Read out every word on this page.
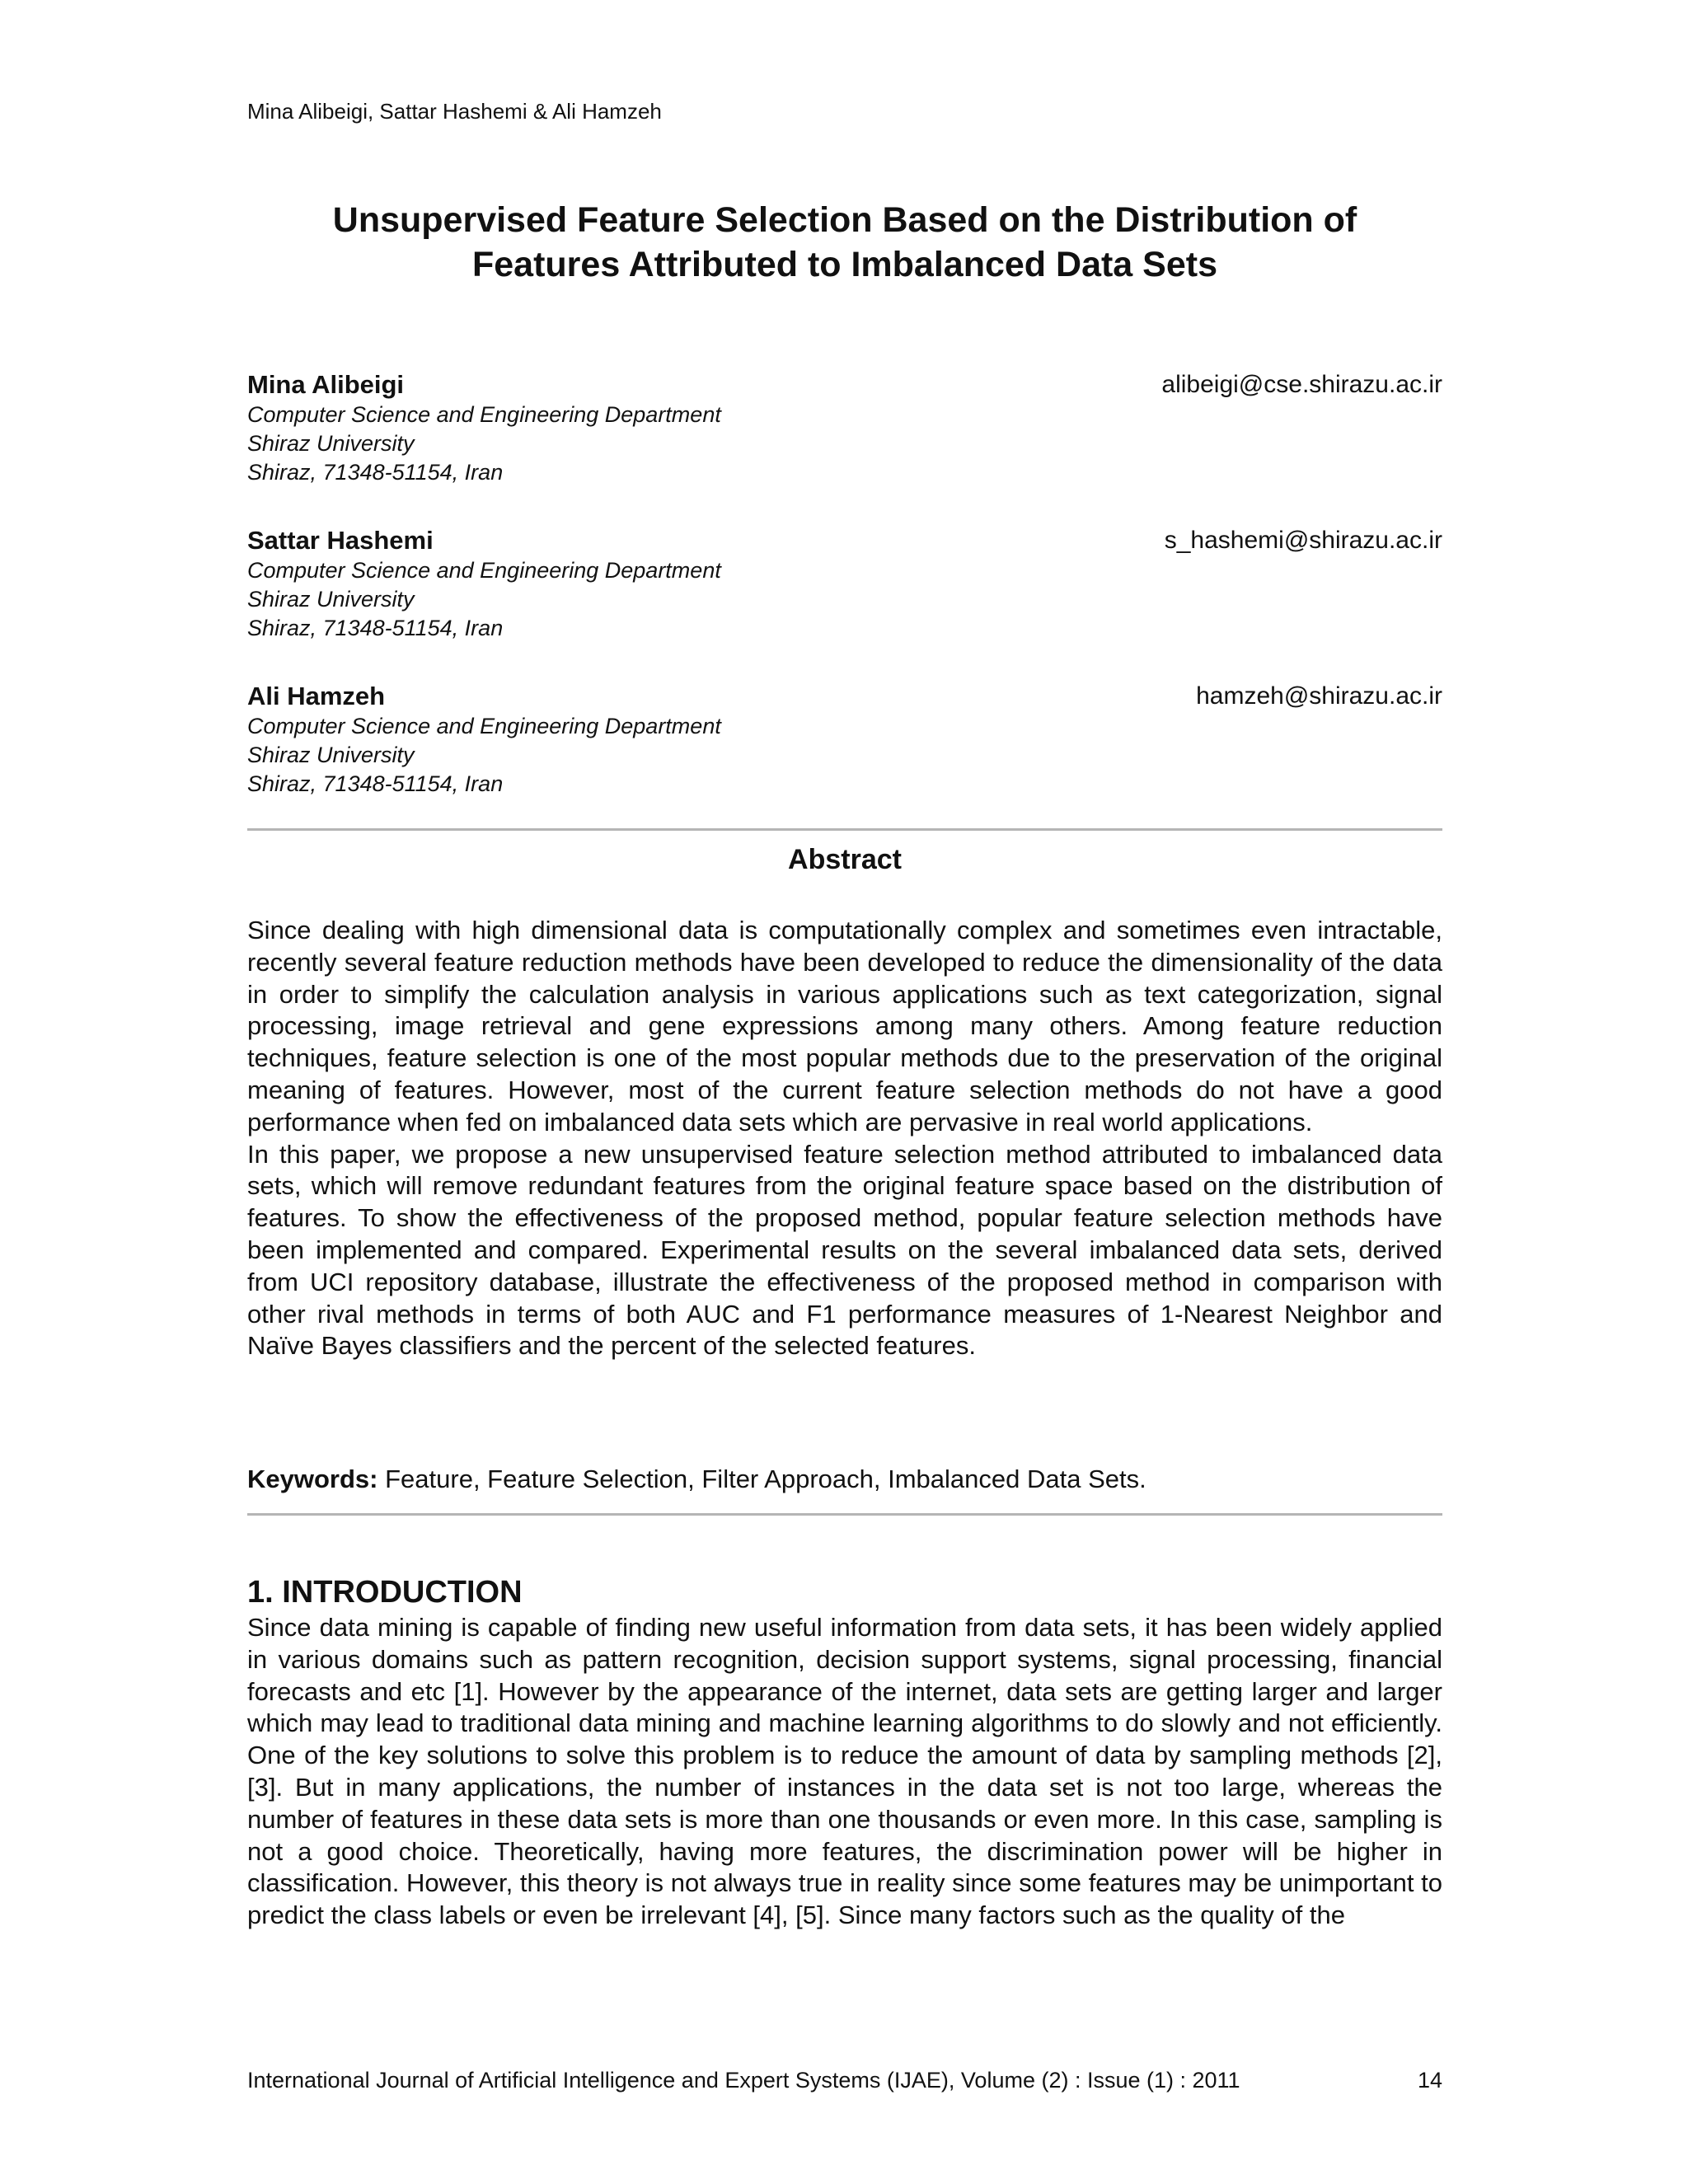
Mina Alibeigi, Sattar Hashemi & Ali Hamzeh
Unsupervised Feature Selection Based on the Distribution of
Features Attributed to Imbalanced Data Sets
Mina Alibeigi	alibeigi@cse.shirazu.ac.ir
Computer Science and Engineering Department
Shiraz University
Shiraz, 71348-51154, Iran
Sattar Hashemi	s_hashemi@shirazu.ac.ir
Computer Science and Engineering Department
Shiraz University
Shiraz, 71348-51154, Iran
Ali Hamzeh	hamzeh@shirazu.ac.ir
Computer Science and Engineering Department
Shiraz University
Shiraz, 71348-51154, Iran
Abstract

Since dealing with high dimensional data is computationally complex and sometimes even intractable, recently several feature reduction methods have been developed to reduce the dimensionality of the data in order to simplify the calculation analysis in various applications such as text categorization, signal processing, image retrieval and gene expressions among many others. Among feature reduction techniques, feature selection is one of the most popular methods due to the preservation of the original meaning of features. However, most of the current feature selection methods do not have a good performance when fed on imbalanced data sets which are pervasive in real world applications.

In this paper, we propose a new unsupervised feature selection method attributed to imbalanced data sets, which will remove redundant features from the original feature space based on the distribution of features. To show the effectiveness of the proposed method, popular feature selection methods have been implemented and compared. Experimental results on the several imbalanced data sets, derived from UCI repository database, illustrate the effectiveness of the proposed method in comparison with other rival methods in terms of both AUC and F1 performance measures of 1-Nearest Neighbor and Naïve Bayes classifiers and the percent of the selected features.

Keywords: Feature, Feature Selection, Filter Approach, Imbalanced Data Sets.
1. INTRODUCTION

Since data mining is capable of finding new useful information from data sets, it has been widely applied in various domains such as pattern recognition, decision support systems, signal processing, financial forecasts and etc [1]. However by the appearance of the internet, data sets are getting larger and larger which may lead to traditional data mining and machine learning algorithms to do slowly and not efficiently. One of the key solutions to solve this problem is to reduce the amount of data by sampling methods [2], [3]. But in many applications, the number of instances in the data set is not too large, whereas the number of features in these data sets is more than one thousands or even more. In this case, sampling is not a good choice. Theoretically, having more features, the discrimination power will be higher in classification. However, this theory is not always true in reality since some features may be unimportant to predict the class labels or even be irrelevant [4], [5]. Since many factors such as the quality of the

International Journal of Artificial Intelligence and Expert Systems (IJAE), Volume (2) : Issue (1) : 2011	14
